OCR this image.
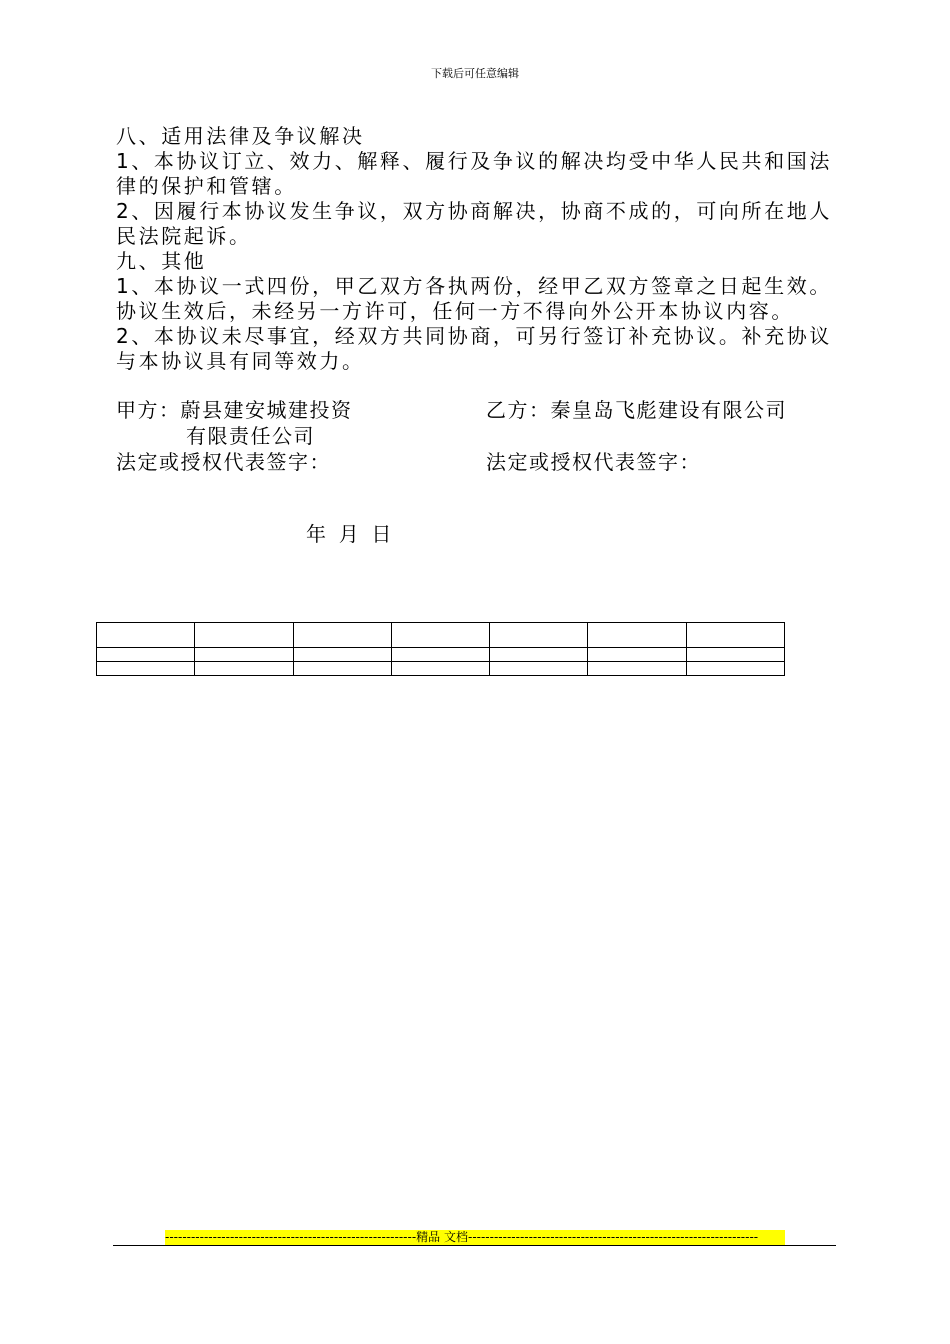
下载后可任意编辑

八、适用法律及争议解决

1、本协议订立、效力、解释、履行及争议的解决均受中华人民共和国法律的保护和管辖。

2、因履行本协议发生争议，双方协商解决，协商不成的，可向所在地人民法院起诉。

九、其他

1、本协议一式四份，甲乙双方各执两份，经甲乙双方签章之日起生效。协议生效后，未经另一方许可，任何一方不得向外公开本协议内容。

2、本协议未尽事宜，经双方共同协商，可另行签订补充协议。补充协议与本协议具有同等效力。

甲方：蔚县建安城建投资	乙方：秦皇岛飞彪建设有限公司
有限责任公司
法定或授权代表签字：	法定或授权代表签字：
年  月  日

----------------------------------------------------------精品 文档-------------------------------------------------------------------
